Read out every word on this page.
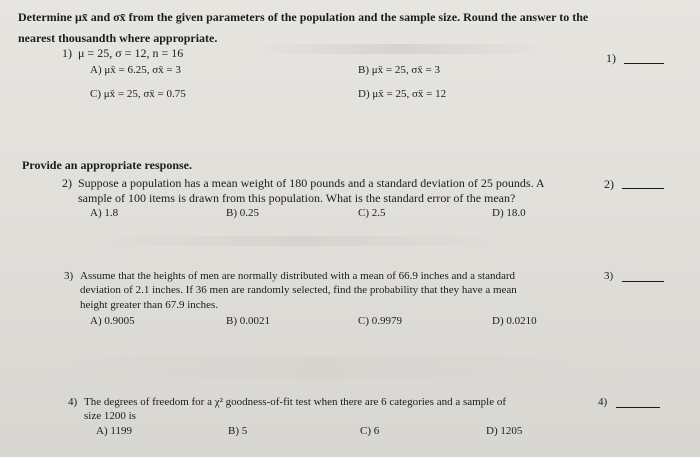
Determine μx̄ and σx̄ from the given parameters of the population and the sample size. Round the answer to the
nearest thousandth where appropriate.
1) μ = 25, σ = 12, n = 16	1)
A) μx̄ = 6.25, σx̄ = 3	B) μx̄ = 25, σx̄ = 3
C) μx̄ = 25, σx̄ = 0.75	D) μx̄ = 25, σx̄ = 12
Provide an appropriate response.
2) Suppose a population has a mean weight of 180 pounds and a standard deviation of 25 pounds. A
sample of 100 items is drawn from this population. What is the standard error of the mean?
2)
A) 1.8	B) 0.25	C) 2.5	D) 18.0
3) Assume that the heights of men are normally distributed with a mean of 66.9 inches and a standard
deviation of 2.1 inches. If 36 men are randomly selected, find the probability that they have a mean
height greater than 67.9 inches.
3)
A) 0.9005	B) 0.0021	C) 0.9979	D) 0.0210
4) The degrees of freedom for a χ² goodness-of-fit test when there are 6 categories and a sample of
size 1200 is
4)
A) 1199	B) 5	C) 6	D) 1205
